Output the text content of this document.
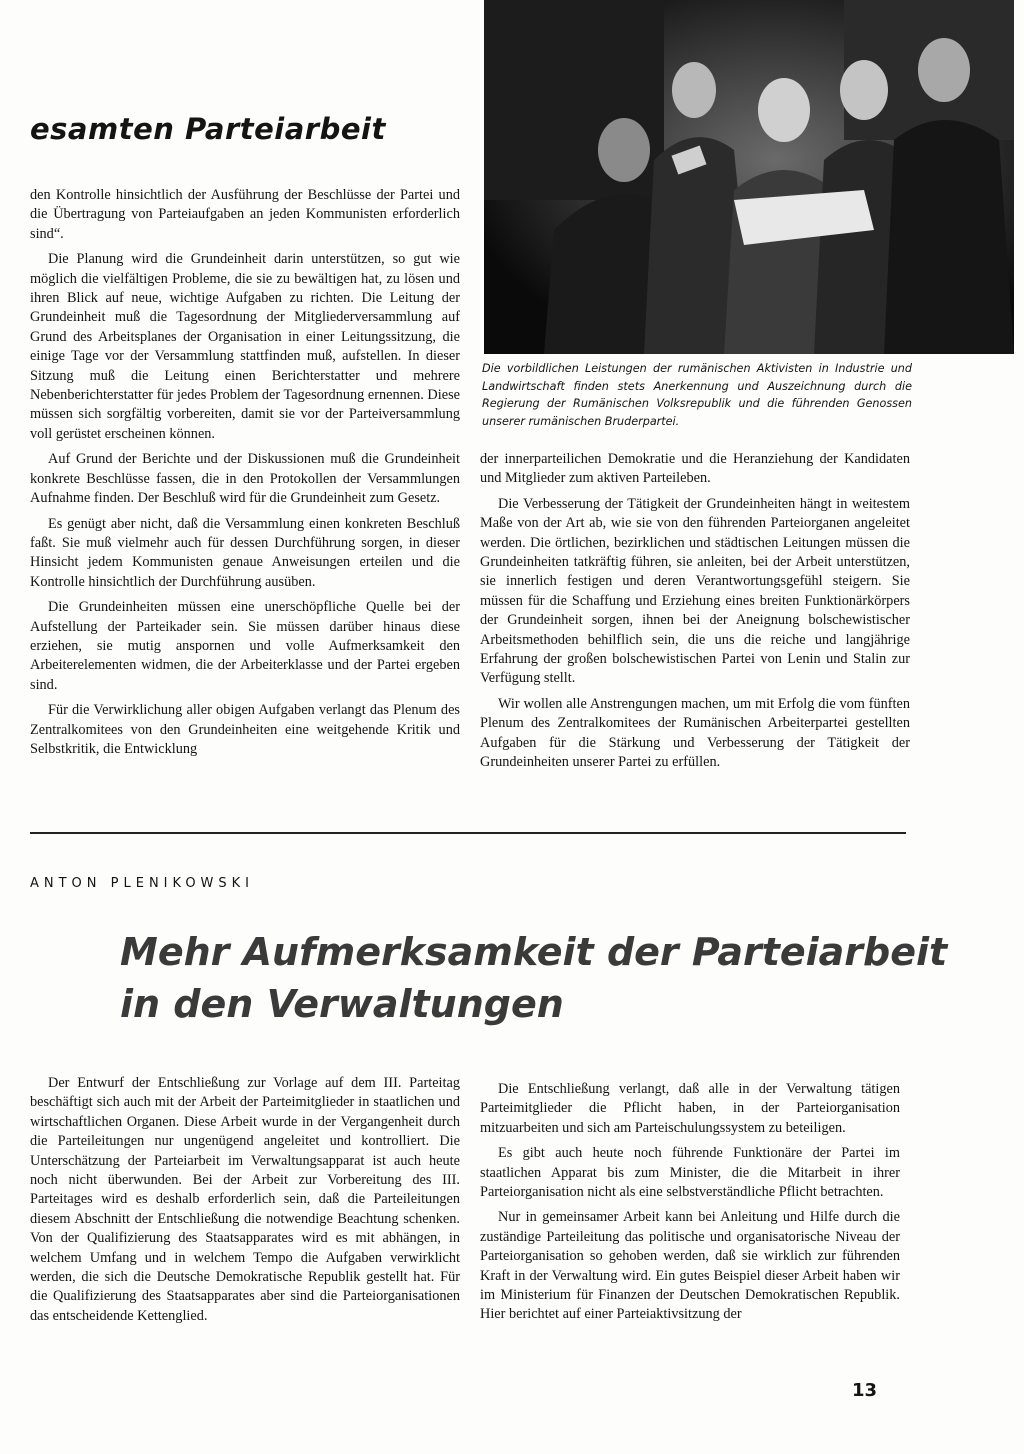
esamten Parteiarbeit

den Kontrolle hinsichtlich der Ausführung der Beschlüsse der Partei und die Übertragung von Parteiaufgaben an jeden Kommunisten erforderlich sind“.

Die Planung wird die Grundeinheit darin unterstützen, so gut wie möglich die vielfältigen Probleme, die sie zu bewältigen hat, zu lösen und ihren Blick auf neue, wichtige Aufgaben zu richten. Die Leitung der Grundeinheit muß die Tagesordnung der Mitgliederversammlung auf Grund des Arbeitsplanes der Organisation in einer Leitungssitzung, die einige Tage vor der Versammlung stattfinden muß, aufstellen. In dieser Sitzung muß die Leitung einen Berichterstatter und mehrere Nebenberichterstatter für jedes Problem der Tagesordnung ernennen. Diese müssen sich sorgfältig vorbereiten, damit sie vor der Parteiversammlung voll gerüstet erscheinen können.

Auf Grund der Berichte und der Diskussionen muß die Grundeinheit konkrete Beschlüsse fassen, die in den Protokollen der Versammlungen Aufnahme finden. Der Beschluß wird für die Grundeinheit zum Gesetz.

Es genügt aber nicht, daß die Versammlung einen konkreten Beschluß faßt. Sie muß vielmehr auch für dessen Durchführung sorgen, in dieser Hinsicht jedem Kommunisten genaue Anweisungen erteilen und die Kontrolle hinsichtlich der Durchführung ausüben.

Die Grundeinheiten müssen eine unerschöpfliche Quelle bei der Aufstellung der Parteikader sein. Sie müssen darüber hinaus diese erziehen, sie mutig anspornen und volle Aufmerksamkeit den Arbeiterelementen widmen, die der Arbeiterklasse und der Partei ergeben sind.

Für die Verwirklichung aller obigen Aufgaben verlangt das Plenum des Zentralkomitees von den Grundeinheiten eine weitgehende Kritik und Selbstkritik, die Entwicklung

Die vorbildlichen Leistungen der rumänischen Aktivisten in Industrie und Landwirtschaft finden stets Anerkennung und Auszeichnung durch die Regierung der Rumänischen Volksrepublik und die führenden Genossen unserer rumänischen Bruderpartei.

der innerparteilichen Demokratie und die Heranziehung der Kandidaten und Mitglieder zum aktiven Parteileben.

Die Verbesserung der Tätigkeit der Grundeinheiten hängt in weitestem Maße von der Art ab, wie sie von den führenden Parteiorganen angeleitet werden. Die örtlichen, bezirklichen und städtischen Leitungen müssen die Grundeinheiten tatkräftig führen, sie anleiten, bei der Arbeit unterstützen, sie innerlich festigen und deren Verantwortungsgefühl steigern. Sie müssen für die Schaffung und Erziehung eines breiten Funktionärkörpers der Grundeinheit sorgen, ihnen bei der Aneignung bolschewistischer Arbeitsmethoden behilflich sein, die uns die reiche und langjährige Erfahrung der großen bolschewistischen Partei von Lenin und Stalin zur Verfügung stellt.

Wir wollen alle Anstrengungen machen, um mit Erfolg die vom fünften Plenum des Zentralkomitees der Rumänischen Arbeiterpartei gestellten Aufgaben für die Stärkung und Verbesserung der Tätigkeit der Grundeinheiten unserer Partei zu erfüllen.

ANTON PLENIKOWSKI
Mehr Aufmerksamkeit der Parteiarbeit
in den Verwaltungen

Der Entwurf der Entschließung zur Vorlage auf dem III. Parteitag beschäftigt sich auch mit der Arbeit der Parteimitglieder in staatlichen und wirtschaftlichen Organen. Diese Arbeit wurde in der Vergangenheit durch die Parteileitungen nur ungenügend angeleitet und kontrolliert. Die Unterschätzung der Parteiarbeit im Verwaltungsapparat ist auch heute noch nicht überwunden. Bei der Arbeit zur Vorbereitung des III. Parteitages wird es deshalb erforderlich sein, daß die Parteileitungen diesem Abschnitt der Entschließung die notwendige Beachtung schenken. Von der Qualifizierung des Staatsapparates wird es mit abhängen, in welchem Umfang und in welchem Tempo die Aufgaben verwirklicht werden, die sich die Deutsche Demokratische Republik gestellt hat. Für die Qualifizierung des Staatsapparates aber sind die Parteiorganisationen das entscheidende Kettenglied.

Die Entschließung verlangt, daß alle in der Verwaltung tätigen Parteimitglieder die Pflicht haben, in der Parteiorganisation mitzuarbeiten und sich am Parteischulungssystem zu beteiligen.

Es gibt auch heute noch führende Funktionäre der Partei im staatlichen Apparat bis zum Minister, die die Mitarbeit in ihrer Parteiorganisation nicht als eine selbstverständliche Pflicht betrachten.

Nur in gemeinsamer Arbeit kann bei Anleitung und Hilfe durch die zuständige Parteileitung das politische und organisatorische Niveau der Parteiorganisation so gehoben werden, daß sie wirklich zur führenden Kraft in der Verwaltung wird. Ein gutes Beispiel dieser Arbeit haben wir im Ministerium für Finanzen der Deutschen Demokratischen Republik. Hier berichtet auf einer Parteiaktivsitzung der

13
